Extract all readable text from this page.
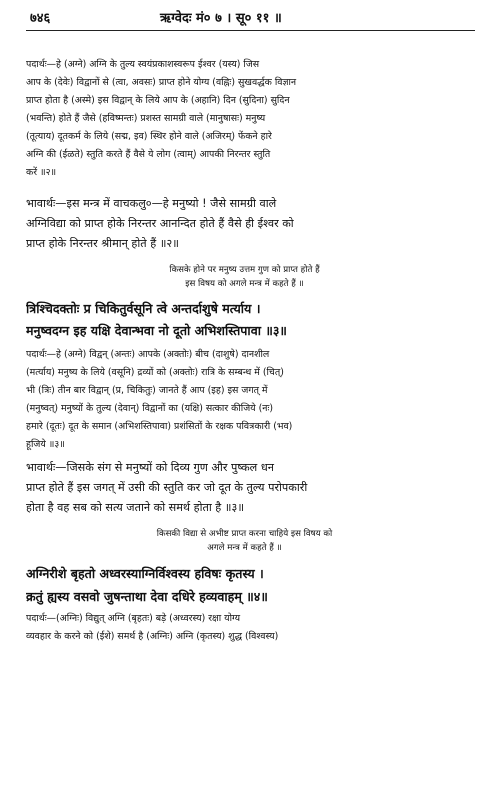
७४६	ऋग्वेदः मं० ७ । सू० ११ ॥
पदार्थः—हे (अग्ने) अग्नि के तुल्य स्वयंप्रकाशस्वरूप ईश्वर (यस्य) जिस
आप के (देवेः) विद्वानों से (त्वा, अवसः) प्राप्त होने योग्य (वह्निः) सुखवर्द्धक विज्ञान
प्राप्त होता है (अस्मे) इस विद्वान् के लिये आप के (अहानि) दिन (सुदिना) सुदिन
(भवन्ति) होते हैं जैसे (हविष्मन्तः) प्रशस्त सामग्री वाले (मानुषासः) मनुष्य
(तूत्याय) दूतकर्म के लिये (सद्म, इव) स्थिर होने वाले (अजिरम्) फेंकने हारे
अग्नि की (ईळते) स्तुति करते हैं वैसे ये लोग (त्वाम्) आपकी निरन्तर स्तुति
करें ॥२॥
भावार्थः—इस मन्त्र में वाचकलु०—हे मनुष्यो ! जैसे सामग्री वाले
अग्निविद्या को प्राप्त होके निरन्तर आनन्दित होते हैं वैसे ही ईश्वर को
प्राप्त होके निरन्तर श्रीमान् होते हैं ॥२॥
किसके होने पर मनुष्य उत्तम गुण को प्राप्त होते हैं
इस विषय को अगले मन्त्र में कहते हैं ॥
त्रिश्चिदक्तोः प्र चिकितुर्वसूनि त्वे अन्तर्दाशुषे मर्त्याय ।
मनुष्वदग्न इह यक्षि देवान्भवा नो दूतो अभिशस्तिपावा ॥३॥
पदार्थः—हे (अग्ने) विद्वन् (अन्तः) आपके (अक्तोः) बीच (दाशुषे) दानशील
(मर्त्याय) मनुष्य के लिये (वसूनि) द्रव्यों को (अक्तोः) रात्रि के सम्बन्ध में (चित्)
भी (त्रिः) तीन बार विद्वान् (प्र, चिकितुः) जानते हैं आप (इह) इस जगत् में
(मनुष्वत्) मनुष्यों के तुल्य (देवान्) विद्वानों का (यक्षि) सत्कार कीजिये (नः)
हमारे (दूतः) दूत के समान (अभिशस्तिपावा) प्रशंसितों के रक्षक पवित्रकारी (भव)
हूजिये ॥३॥
भावार्थः—जिसके संग से मनुष्यों को दिव्य गुण और पुष्कल धन
प्राप्त होते हैं इस जगत् में उसी की स्तुति कर जो दूत के तुल्य परोपकारी
होता है वह सब को सत्य जताने को समर्थ होता है ॥३॥
किसकी विद्या से अभीष्ट प्राप्त करना चाहिये इस विषय को
अगले मन्त्र में कहते हैं ॥
अग्निरीशे बृहतो अध्वरस्याग्निर्विश्वस्य हविषः कृतस्य ।
क्रतुं ह्यस्य वसवो जुषन्ताथा देवा दधिरे हव्यवाहम् ॥४॥
पदार्थः—(अग्निः) विद्युत् अग्नि (बृहतः) बड़े (अध्वरस्य) रक्षा योग्य
व्यवहार के करने को (ईशे) समर्थ है (अग्निः) अग्नि (कृतस्य) शुद्ध (विश्वस्य)
